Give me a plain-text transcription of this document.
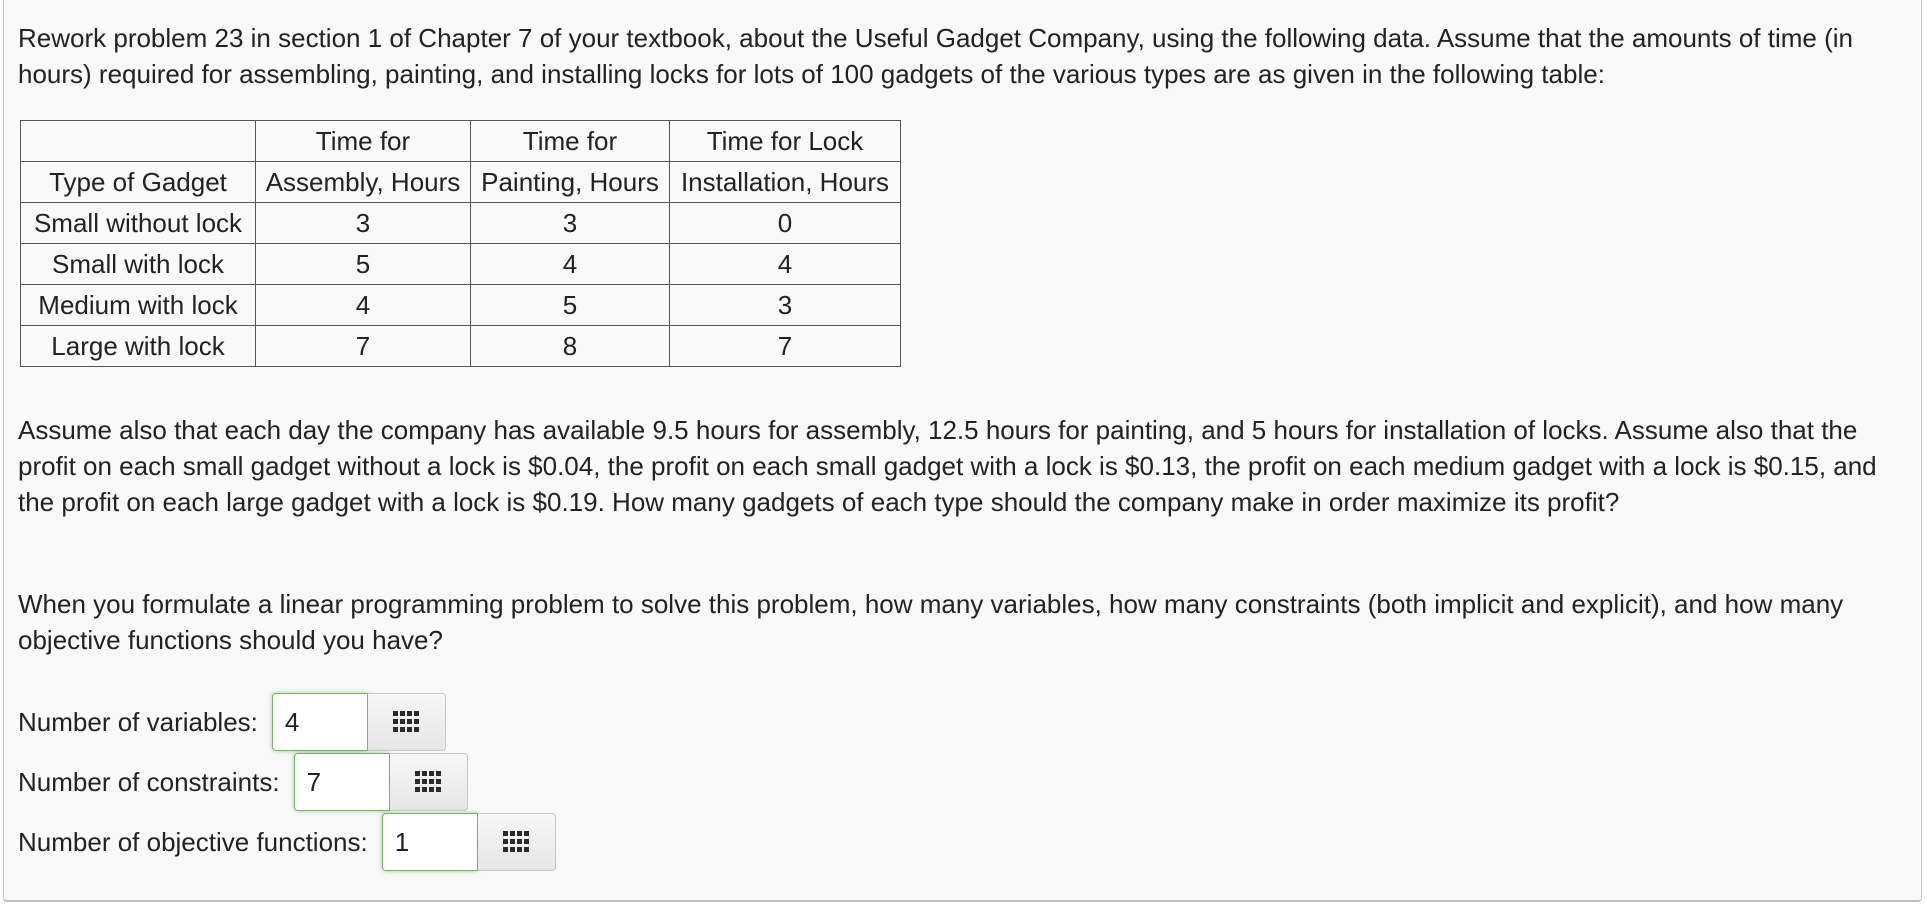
Rework problem 23 in section 1 of Chapter 7 of your textbook, about the Useful Gadget Company, using the following data. Assume that the amounts of time (in hours) required for assembling, painting, and installing locks for lots of 100 gadgets of the various types are as given in the following table:

	Time for	Time for	Time for Lock
Type of Gadget	Assembly, Hours	Painting, Hours	Installation, Hours
Small without lock	3	3	0
Small with lock	5	4	4
Medium with lock	4	5	3
Large with lock	7	8	7

Assume also that each day the company has available 9.5 hours for assembly, 12.5 hours for painting, and 5 hours for installation of locks. Assume also that the profit on each small gadget without a lock is $0.04, the profit on each small gadget with a lock is $0.13, the profit on each medium gadget with a lock is $0.15, and the profit on each large gadget with a lock is $0.19. How many gadgets of each type should the company make in order maximize its profit?

When you formulate a linear programming problem to solve this problem, how many variables, how many constraints (both implicit and explicit), and how many objective functions should you have?

Number of variables:	4
Number of constraints:	7
Number of objective functions:	1
